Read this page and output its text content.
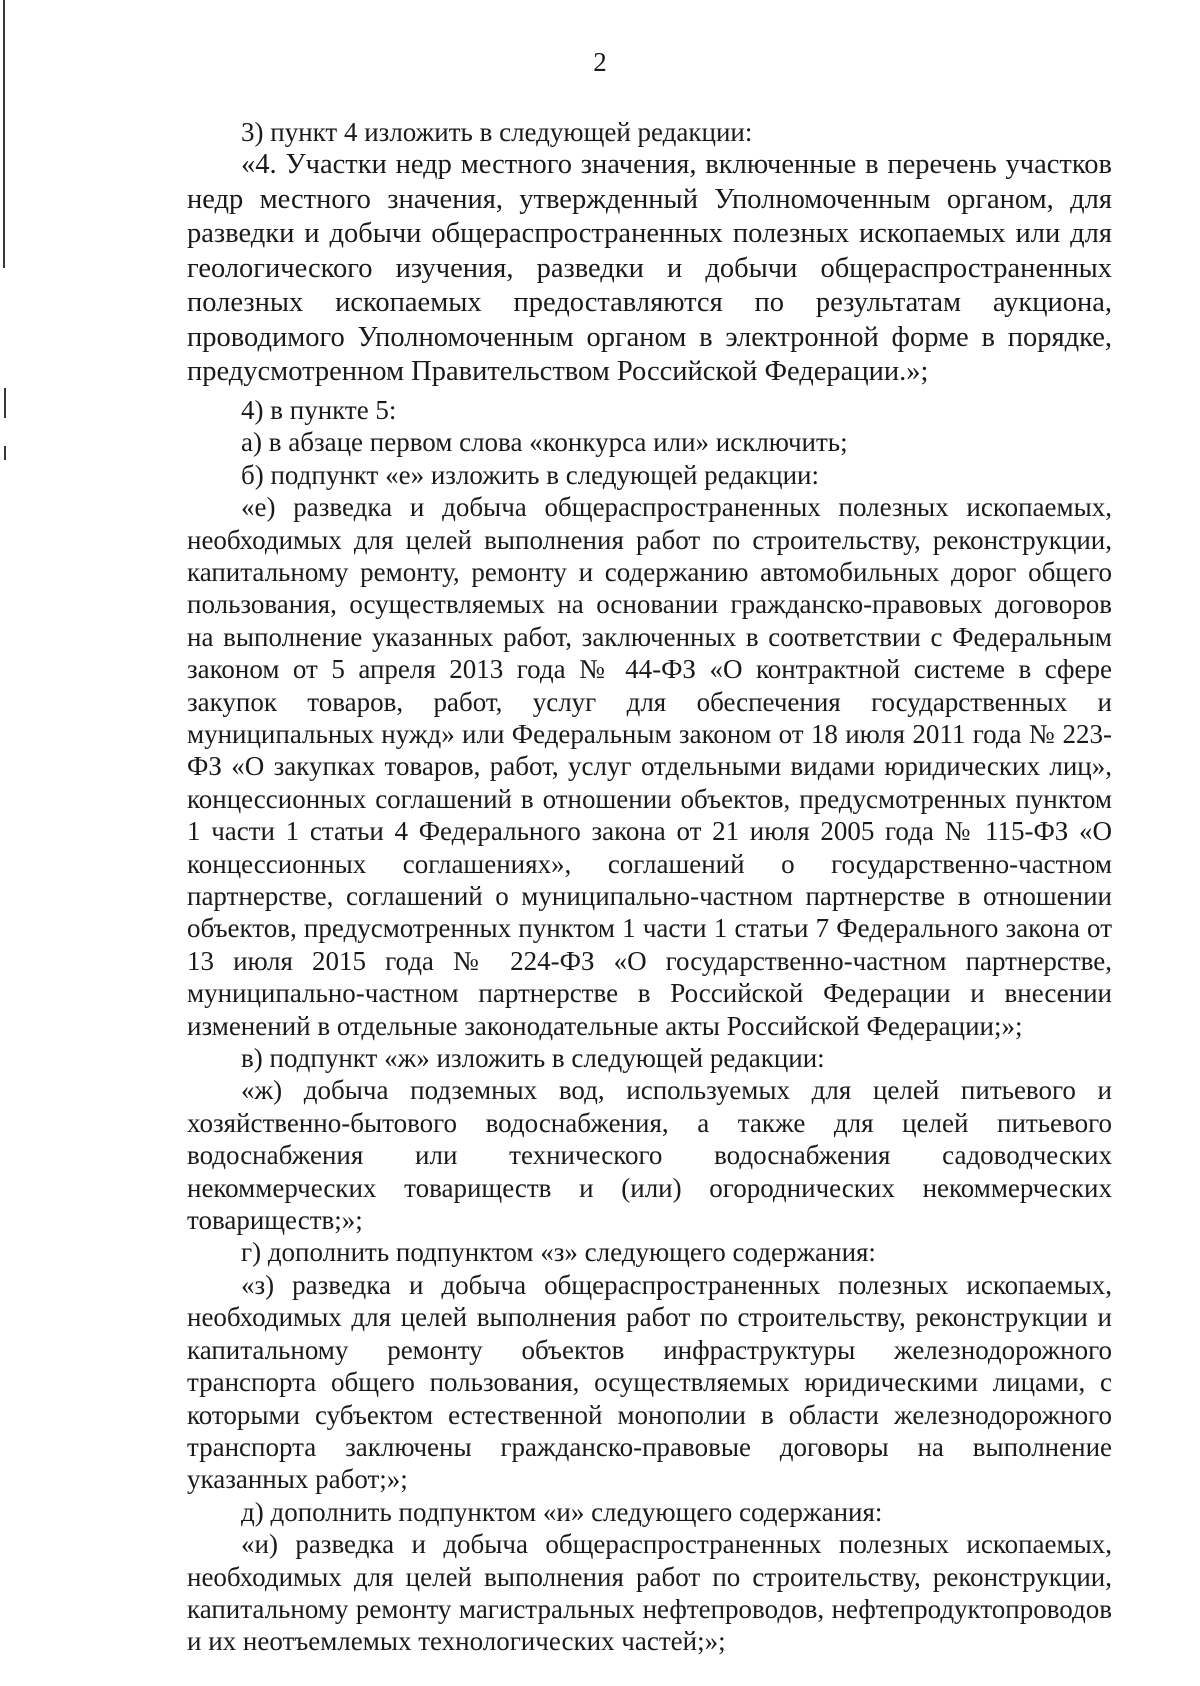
2

3) пункт 4 изложить в следующей редакции:

«4. Участки недр местного значения, включенные в перечень участков недр местного значения, утвержденный Уполномоченным органом, для разведки и добычи общераспространенных полезных ископаемых или для геологического изучения, разведки и добычи общераспространенных полезных ископаемых предоставляются по результатам аукциона, проводимого Уполномоченным органом в электронной форме в порядке, предусмотренном Правительством Российской Федерации.»;

4) в пункте 5:

а) в абзаце первом слова «конкурса или» исключить;

б) подпункт «е» изложить в следующей редакции:

«е) разведка и добыча общераспространенных полезных ископаемых, необходимых для целей выполнения работ по строительству, реконструкции, капитальному ремонту, ремонту и содержанию автомобильных дорог общего пользования, осуществляемых на основании гражданско-правовых договоров на выполнение указанных работ, заключенных в соответствии с Федеральным законом от 5 апреля 2013 года № 44-ФЗ «О контрактной системе в сфере закупок товаров, работ, услуг для обеспечения государственных и муниципальных нужд» или Федеральным законом от 18 июля 2011 года № 223-ФЗ «О закупках товаров, работ, услуг отдельными видами юридических лиц», концессионных соглашений в отношении объектов, предусмотренных пунктом 1 части 1 статьи 4 Федерального закона от 21 июля 2005 года № 115-ФЗ «О концессионных соглашениях», соглашений о государственно-частном партнерстве, соглашений о муниципально-частном партнерстве в отношении объектов, предусмотренных пунктом 1 части 1 статьи 7 Федерального закона от 13 июля 2015 года № 224-ФЗ «О государственно-частном партнерстве, муниципально-частном партнерстве в Российской Федерации и внесении изменений в отдельные законодательные акты Российской Федерации;»;

в) подпункт «ж» изложить в следующей редакции:

«ж) добыча подземных вод, используемых для целей питьевого и хозяйственно-бытового водоснабжения, а также для целей питьевого водоснабжения или технического водоснабжения садоводческих некоммерческих товариществ и (или) огороднических некоммерческих товариществ;»;

г) дополнить подпунктом «з» следующего содержания:

«з) разведка и добыча общераспространенных полезных ископаемых, необходимых для целей выполнения работ по строительству, реконструкции и капитальному ремонту объектов инфраструктуры железнодорожного транспорта общего пользования, осуществляемых юридическими лицами, с которыми субъектом естественной монополии в области железнодорожного транспорта заключены гражданско-правовые договоры на выполнение указанных работ;»;

д) дополнить подпунктом «и» следующего содержания:

«и) разведка и добыча общераспространенных полезных ископаемых, необходимых для целей выполнения работ по строительству, реконструкции, капитальному ремонту магистральных нефтепроводов, нефтепродуктопроводов и их неотъемлемых технологических частей;»;
